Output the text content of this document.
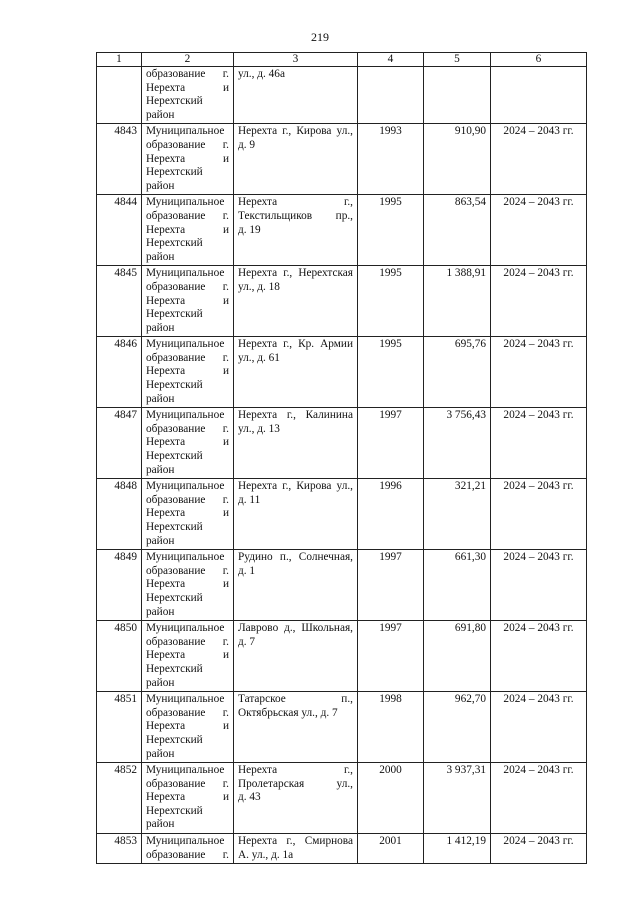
219
1	2	3	4	5	6

	образование г.
Нерехта и
Нерехтский
район	ул., д. 46а			

4843	Муниципальное
образование г.
Нерехта и
Нерехтский
район	Нерехта г., Кирова ул.,
д. 9	1993	910,90	2024 – 2043 гг.
4844	Муниципальное
образование г.
Нерехта и
Нерехтский
район	Нерехта г.,
Текстильщиков пр.,
д. 19	1995	863,54	2024 – 2043 гг.
4845	Муниципальное
образование г.
Нерехта и
Нерехтский
район	Нерехта г., Нерехтская
ул., д. 18	1995	1 388,91	2024 – 2043 гг.
4846	Муниципальное
образование г.
Нерехта и
Нерехтский
район	Нерехта г., Кр. Армии
ул., д. 61	1995	695,76	2024 – 2043 гг.
4847	Муниципальное
образование г.
Нерехта и
Нерехтский
район	Нерехта г., Калинина
ул., д. 13	1997	3 756,43	2024 – 2043 гг.
4848	Муниципальное
образование г.
Нерехта и
Нерехтский
район	Нерехта г., Кирова ул.,
д. 11	1996	321,21	2024 – 2043 гг.
4849	Муниципальное
образование г.
Нерехта и
Нерехтский
район	Рудино п., Солнечная,
д. 1	1997	661,30	2024 – 2043 гг.
4850	Муниципальное
образование г.
Нерехта и
Нерехтский
район	Лаврово д., Школьная,
д. 7	1997	691,80	2024 – 2043 гг.
4851	Муниципальное
образование г.
Нерехта и
Нерехтский
район	Татарское п.,
Октябрьская ул., д. 7	1998	962,70	2024 – 2043 гг.
4852	Муниципальное
образование г.
Нерехта и
Нерехтский
район	Нерехта г.,
Пролетарская ул.,
д. 43	2000	3 937,31	2024 – 2043 гг.
4853	Муниципальное
образование г.	Нерехта г., Смирнова
А. ул., д. 1а	2001	1 412,19	2024 – 2043 гг.
